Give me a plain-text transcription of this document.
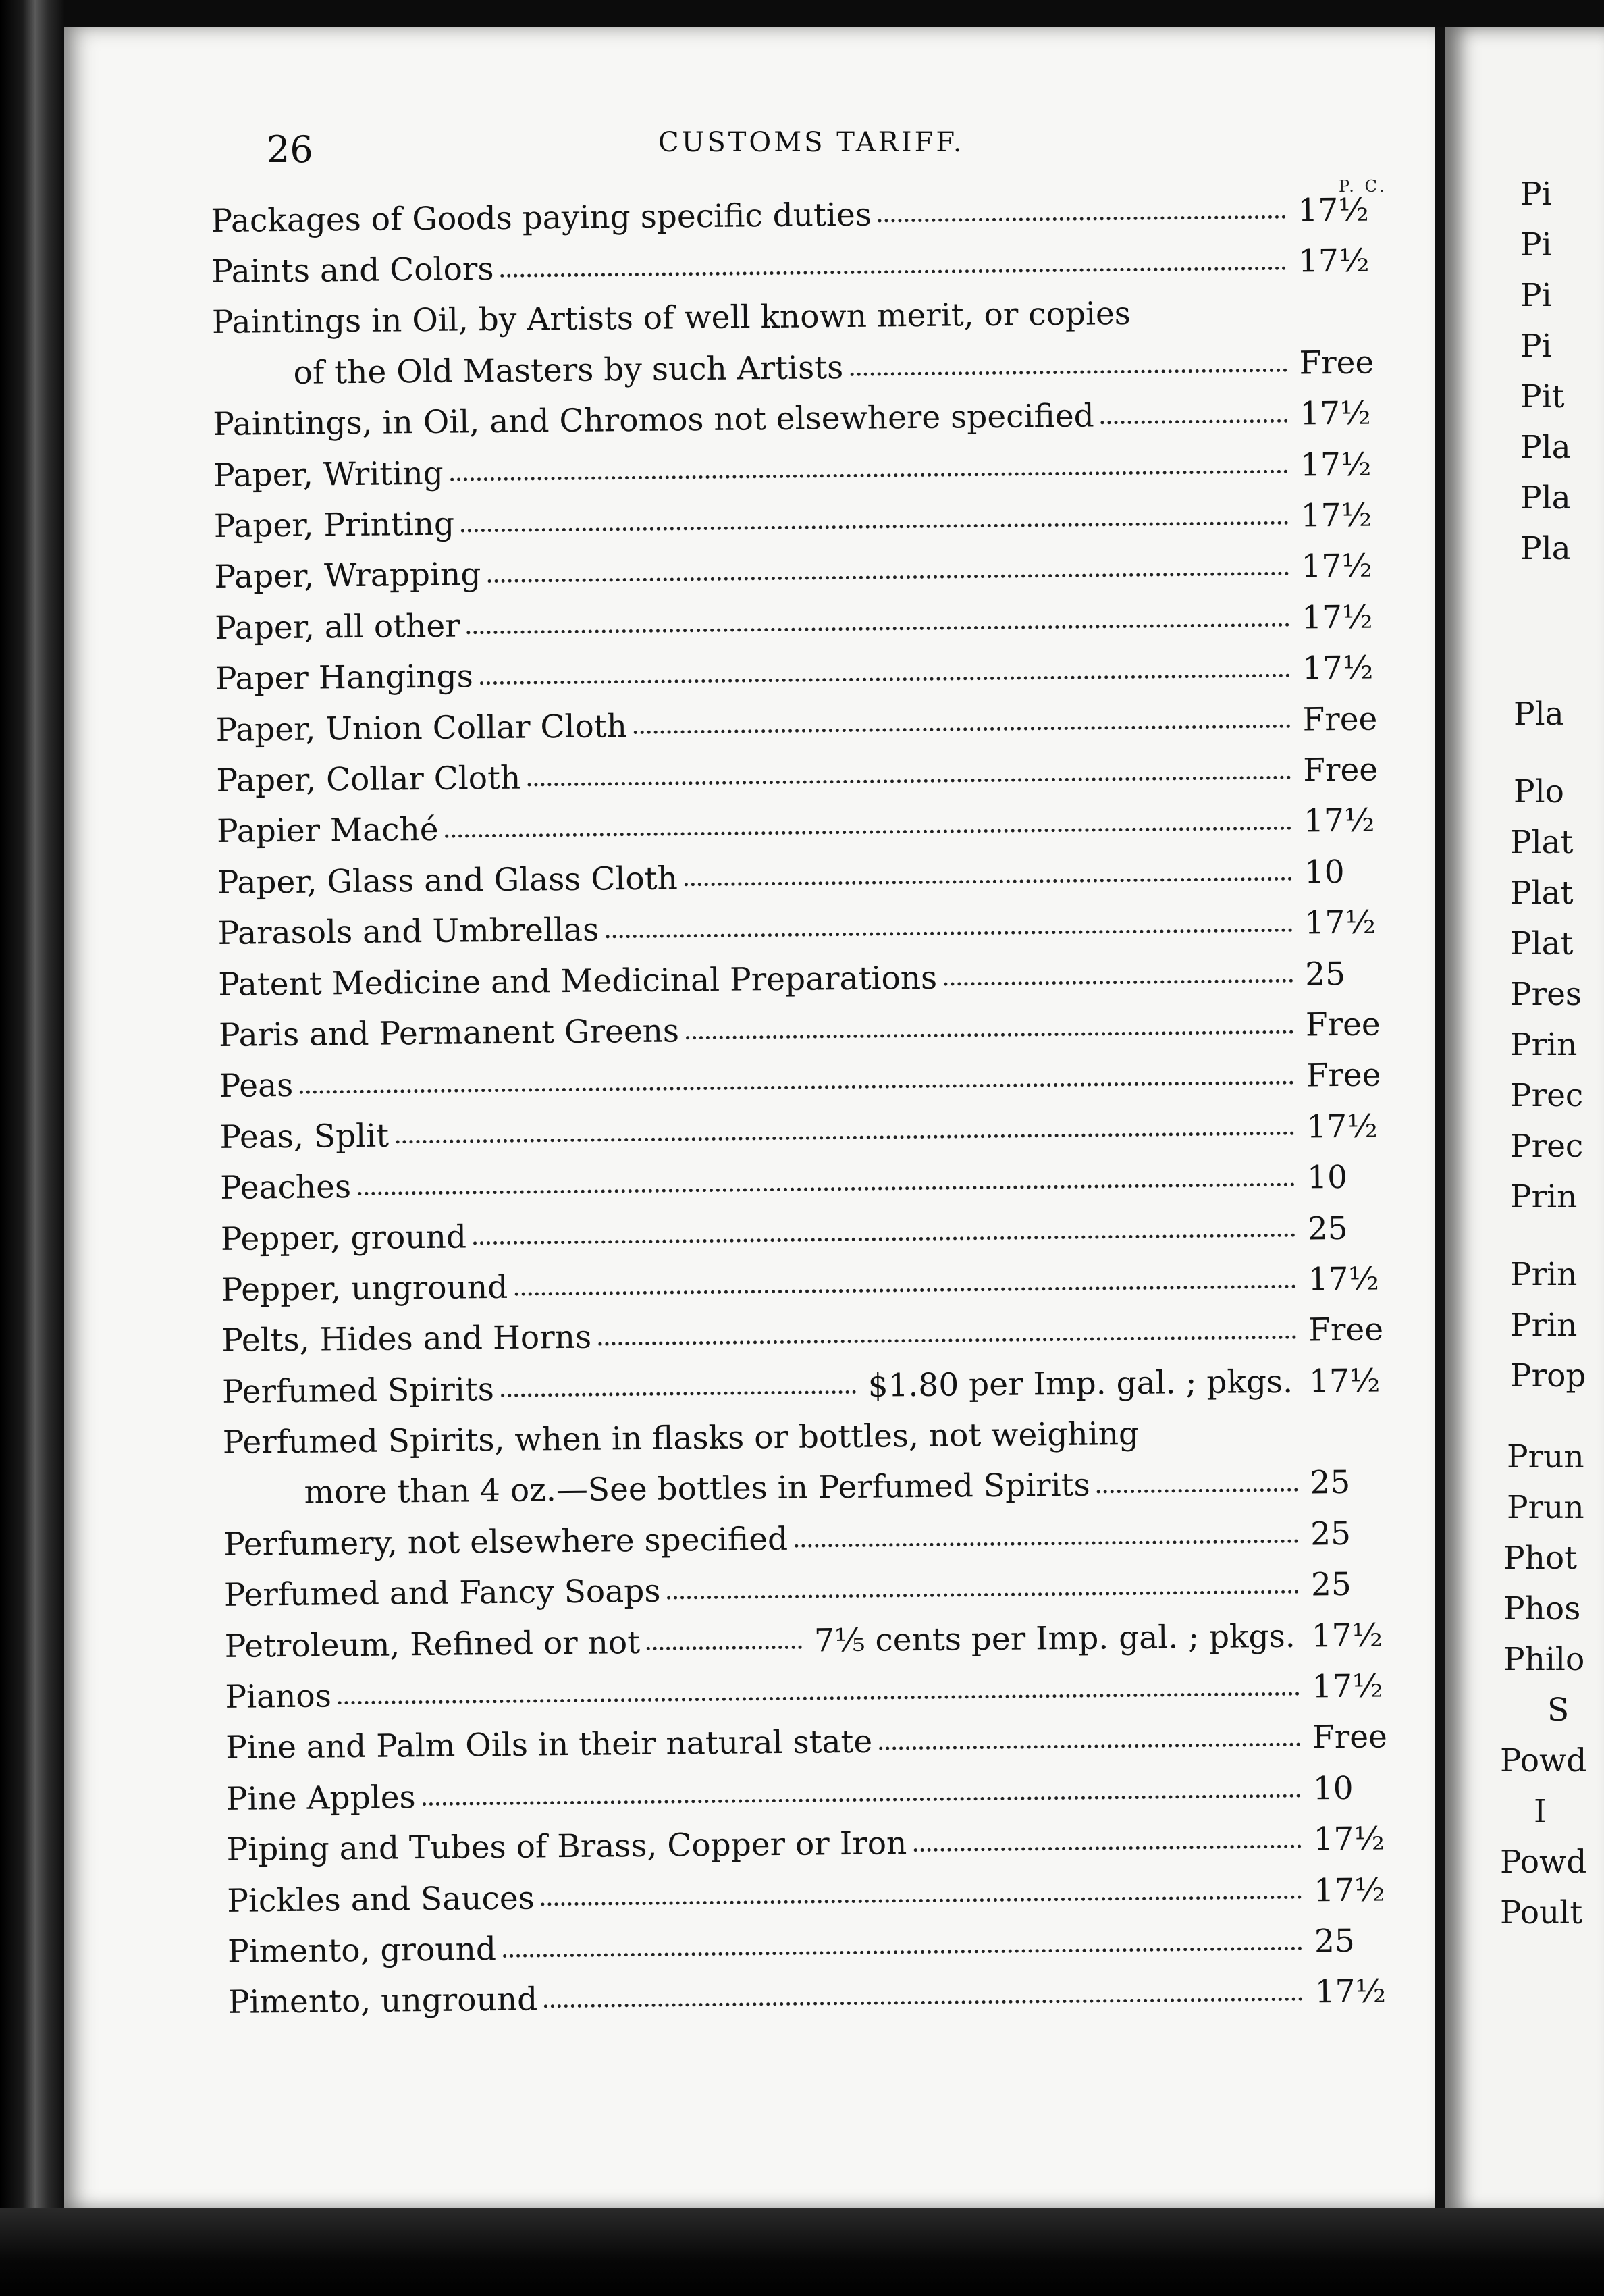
26	CUSTOMS TARIFF.
P. C.
Packages of Goods paying specific duties	17½
Paints and Colors	17½
Paintings in Oil, by Artists of well known merit, or copies
of the Old Masters by such Artists	Free
Paintings, in Oil, and Chromos not elsewhere specified	17½
Paper, Writing	17½
Paper, Printing	17½
Paper, Wrapping	17½
Paper, all other	17½
Paper Hangings	17½
Paper, Union Collar Cloth	Free
Paper, Collar Cloth	Free
Papier Maché	17½
Paper, Glass and Glass Cloth	10
Parasols and Umbrellas	17½
Patent Medicine and Medicinal Preparations	25
Paris and Permanent Greens	Free
Peas	Free
Peas, Split	17½
Peaches	10
Pepper, ground	25
Pepper, unground	17½
Pelts, Hides and Horns	Free
Perfumed Spirits	$1.80 per Imp. gal. ; pkgs. 17½
Perfumed Spirits, when in flasks or bottles, not weighing
more than 4 oz.—See bottles in Perfumed Spirits	25
Perfumery, not elsewhere specified	25
Perfumed and Fancy Soaps	25
Petroleum, Refined or not	7⅕ cents per Imp. gal. ; pkgs. 17½
Pianos	17½
Pine and Palm Oils in their natural state	Free
Pine Apples	10
Piping and Tubes of Brass, Copper or Iron	17½
Pickles and Sauces	17½
Pimento, ground	25
Pimento, unground	17½
Pi
Pi
Pi
Pi
Pit
Pla
Pla
Pla
Pla
Plo
Plat
Plat
Plat
Pres
Prin
Prec
Prec
Prin
Prin
Prin
Prop
Prun
Prun
Phot
Phos
Philo
S
Powd
I
Powd
Poult
